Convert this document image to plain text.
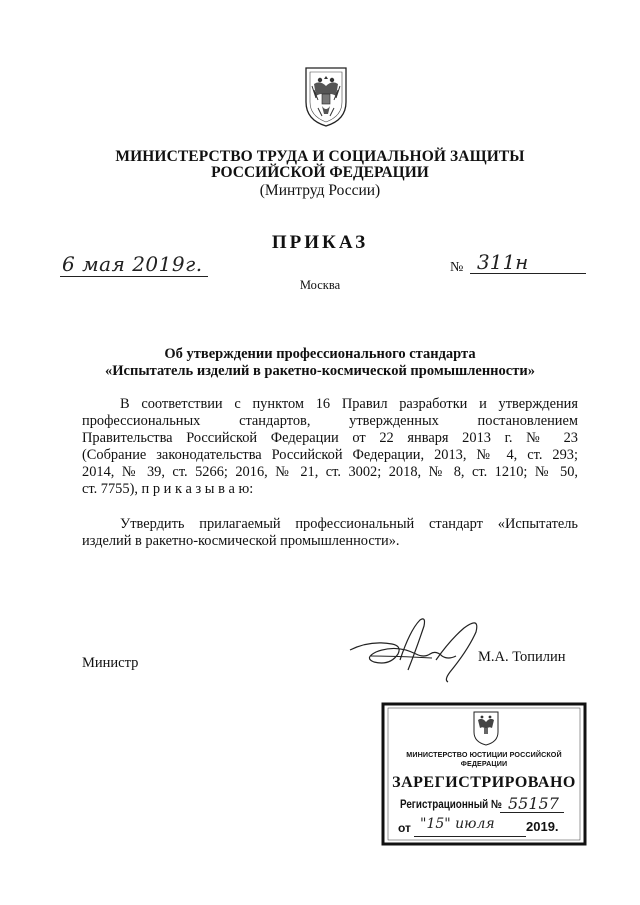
МИНИСТЕРСТВО ТРУДА И СОЦИАЛЬНОЙ ЗАЩИТЫ
РОССИЙСКОЙ ФЕДЕРАЦИИ
(Минтруд России)
ПРИКАЗ
6 мая 2019г.	№ 311н
Москва
Об утверждении профессионального стандарта
«Испытатель изделий в ракетно-космической промышленности»
В соответствии с пунктом 16 Правил разработки и утверждения
профессиональных стандартов, утвержденных постановлением
Правительства Российской Федерации от 22 января 2013 г. № 23
(Собрание законодательства Российской Федерации, 2013, № 4, ст. 293;
2014, № 39, ст. 5266; 2016, № 21, ст. 3002; 2018, № 8, ст. 1210; № 50,
ст. 7755), п р и к а з ы в а ю:
Утвердить прилагаемый профессиональный стандарт «Испытатель
изделий в ракетно-космической промышленности».
Министр	М.А. Топилин
МИНИСТЕРСТВО ЮСТИЦИИ РОССИЙСКОЙ ФЕДЕРАЦИИ
ЗАРЕГИСТРИРОВАНО
Регистрационный № 55157
от "15" июля 2019.
